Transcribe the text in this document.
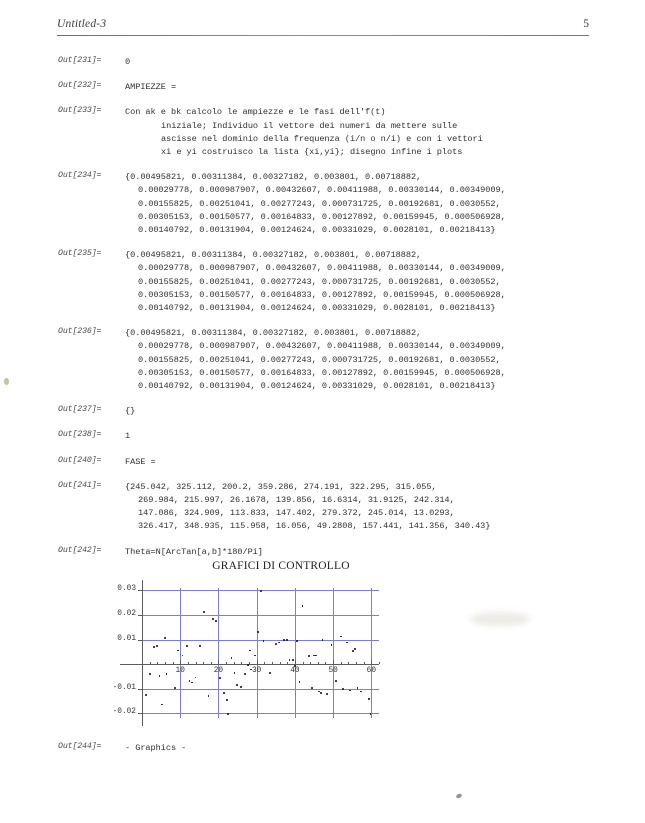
Untitled-3	5
Out[231]=	0
Out[232]=	AMPIEZZE =
Out[233]=	Con ak e bk calcolo le ampiezze e le fasi dell'f(t)
iniziale; Individuo il vettore dei numeri da mettere sulle
ascisse nel dominio della frequenza (i/n o n/i) e con i vettori
xi e yi costruisco la lista {xi,yi}; disegno infine i plots
Out[234]=	{0.00495821, 0.00311384, 0.00327182, 0.003801, 0.00718882,
0.00029778, 0.000987907, 0.00432607, 0.00411988, 0.00330144, 0.00349009,
0.00155825, 0.00251041, 0.00277243, 0.000731725, 0.00192681, 0.0030552,
0.00305153, 0.00150577, 0.00164833, 0.00127892, 0.00159945, 0.000506928,
0.00140792, 0.00131904, 0.00124624, 0.00331029, 0.0028101, 0.00218413}
Out[235]=	{0.00495821, 0.00311384, 0.00327182, 0.003801, 0.00718882,
0.00029778, 0.000987907, 0.00432607, 0.00411988, 0.00330144, 0.00349009,
0.00155825, 0.00251041, 0.00277243, 0.000731725, 0.00192681, 0.0030552,
0.00305153, 0.00150577, 0.00164833, 0.00127892, 0.00159945, 0.000506928,
0.00140792, 0.00131904, 0.00124624, 0.00331029, 0.0028101, 0.00218413}
Out[236]=	{0.00495821, 0.00311384, 0.00327182, 0.003801, 0.00718882,
0.00029778, 0.000987907, 0.00432607, 0.00411988, 0.00330144, 0.00349009,
0.00155825, 0.00251041, 0.00277243, 0.000731725, 0.00192681, 0.0030552,
0.00305153, 0.00150577, 0.00164833, 0.00127892, 0.00159945, 0.000506928,
0.00140792, 0.00131904, 0.00124624, 0.00331029, 0.0028101, 0.00218413}
Out[237]=	{}
Out[238]=	1
Out[240]=	FASE =
Out[241]=	{245.042, 325.112, 200.2, 359.286, 274.191, 322.295, 315.055,
269.984, 215.997, 26.1678, 139.856, 16.6314, 31.9125, 242.314,
147.086, 324.909, 113.833, 147.402, 279.372, 245.014, 13.0293,
326.417, 348.935, 115.958, 16.056, 49.2808, 157.441, 141.356, 340.43}
Out[242]=	Theta=N[ArcTan[a,b]*180/Pi]
GRAFICI DI CONTROLLO
0.03
0.02
0.01
-0.01
-0.02
10	20	30	40	50	60
Out[244]=	- Graphics -
